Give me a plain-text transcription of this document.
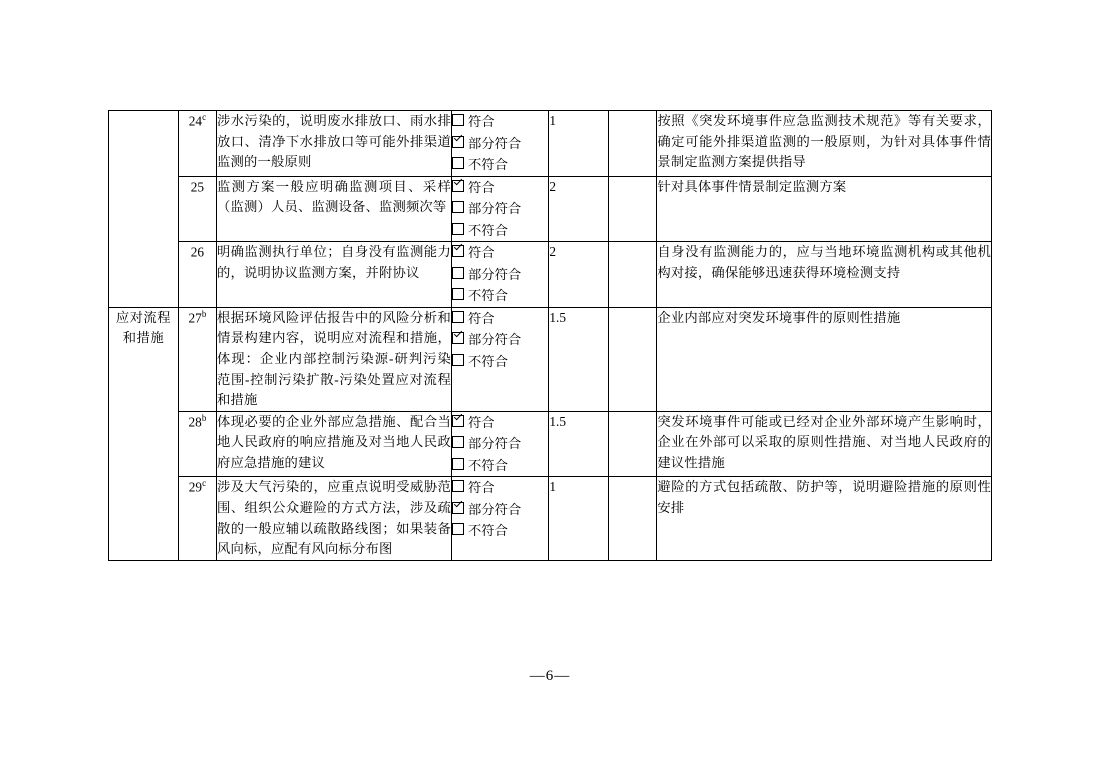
	24$^c$	涉水污染的，说明废水排放口、雨水排放口、清净下水排放口等可能外排渠道监测的一般原则	符合
部分符合
不符合	1		按照《突发环境事件应急监测技术规范》等有关要求，确定可能外排渠道监测的一般原则，为针对具体事件情景制定监测方案提供指导
	25	监测方案一般应明确监测项目、采样（监测）人员、监测设备、监测频次等	符合
部分符合
不符合	2		针对具体事件情景制定监测方案
	26	明确监测执行单位；自身没有监测能力的，说明协议监测方案，并附协议	符合
部分符合
不符合	2		自身没有监测能力的，应与当地环境监测机构或其他机构对接，确保能够迅速获得环境检测支持

应对流程和措施	27$^b$	根据环境风险评估报告中的风险分析和情景构建内容，说明应对流程和措施，体现：企业内部控制污染源-研判污染范围-控制污染扩散-污染处置应对流程和措施	符合
部分符合
不符合	1.5		企业内部应对突发环境事件的原则性措施
	28$^b$	体现必要的企业外部应急措施、配合当地人民政府的响应措施及对当地人民政府应急措施的建议	符合
部分符合
不符合	1.5		突发环境事件可能或已经对企业外部环境产生影响时，企业在外部可以采取的原则性措施、对当地人民政府的建议性措施
	29$^c$	涉及大气污染的，应重点说明受威胁范围、组织公众避险的方式方法，涉及疏散的一般应辅以疏散路线图；如果装备风向标，应配有风向标分布图	符合
部分符合
不符合	1		避险的方式包括疏散、防护等，说明避险措施的原则性安排
—6—
